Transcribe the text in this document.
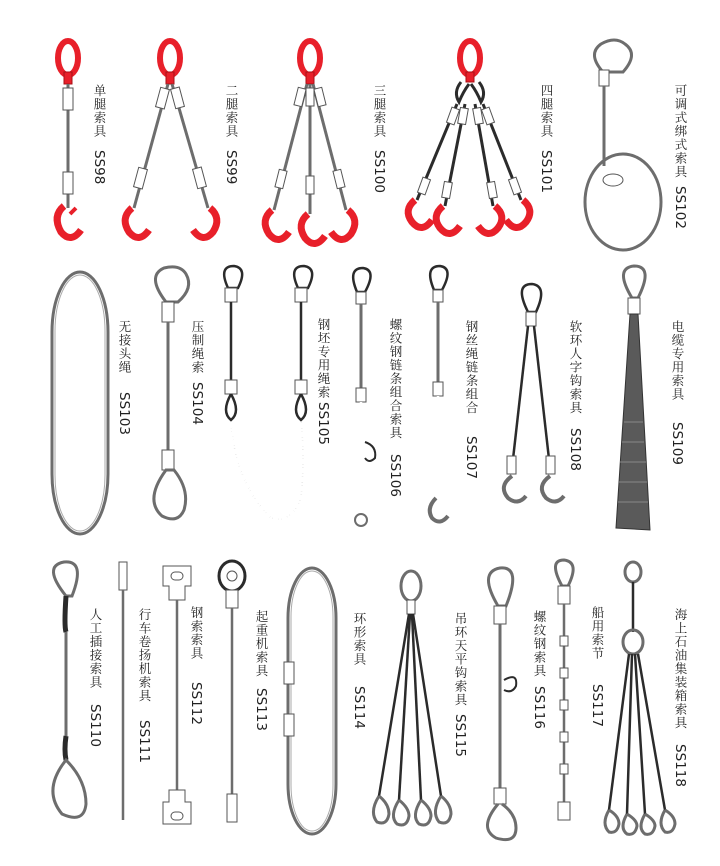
单腿索具
SS98
二腿索具
SS99
三腿索具
SS100
四腿索具
SS101	可调式绑式索具
SS102
无接头绳
SS103
压制绳索
SS104
钢坯专用绳索
SS105	螺纹钢链条组合索具
SS106
钢丝绳链条组合
SS107
软环人字钩索具
SS108
电缆专用索具
SS109
人工插接索具
SS110
行车卷扬机索具
SS111
钢索索具
SS112
起重机索具
SS113
环形索具
SS114
吊环天平钩索具
SS115
螺纹钢索具
SS116
船用索节
SS117	海上石油集装箱索具
SS118
